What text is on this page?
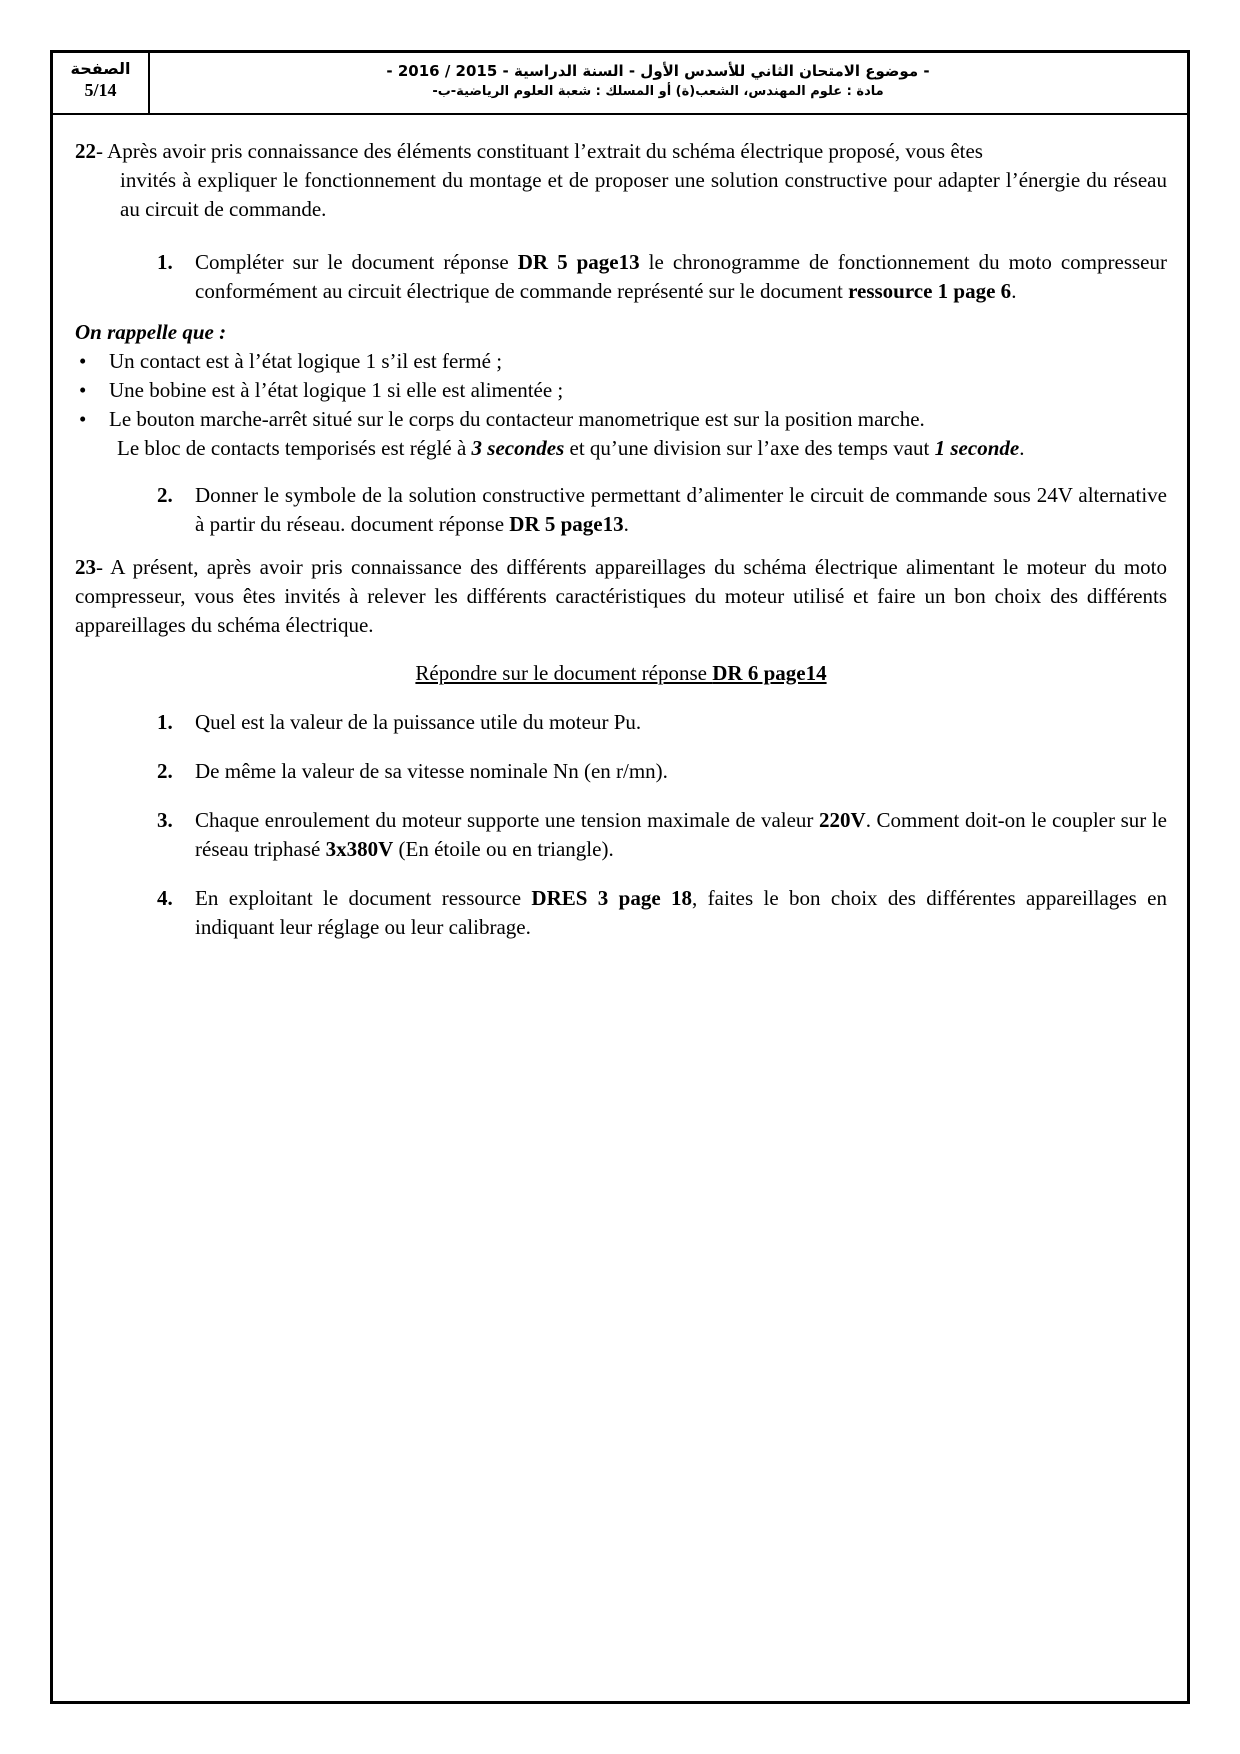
الصفحة
5/14
- موضوع الامتحان الثاني للأسدس الأول - السنة الدراسية - 2015 / 2016 -
مادة : علوم المهندس، الشعب(ة) أو المسلك : شعبة العلوم الرياضية-ب-

22- Après avoir pris connaissance des éléments constituant l’extrait du schéma électrique proposé, vous êtes
invités à expliquer le fonctionnement du montage et de proposer une solution constructive pour adapter l’énergie du réseau au circuit de commande.

1. Compléter sur le document réponse DR 5 page13 le chronogramme de fonctionnement du moto compresseur conformément au circuit électrique de commande représenté sur le document ressource 1 page 6.

On rappelle que :

• Un contact est à l’état logique 1 s’il est fermé ;

• Une bobine est à l’état logique 1 si elle est alimentée ;

• Le bouton marche-arrêt situé sur le corps du contacteur manometrique est sur la position marche.

Le bloc de contacts temporisés est réglé à 3 secondes et qu’une division sur l’axe des temps vaut 1 seconde.

2. Donner le symbole de la solution constructive permettant d’alimenter le circuit de commande sous 24V alternative à partir du réseau. document réponse DR 5 page13.

23- A présent, après avoir pris connaissance des différents appareillages du schéma électrique alimentant le moteur du moto compresseur, vous êtes invités à relever les différents caractéristiques du moteur utilisé et faire un bon choix des différents appareillages du schéma électrique.

Répondre sur le document réponse DR 6 page14

1. Quel est la valeur de la puissance utile du moteur Pu.

2. De même la valeur de sa vitesse nominale Nn (en r/mn).

3. Chaque enroulement du moteur supporte une tension maximale de valeur 220V. Comment doit-on le coupler sur le réseau triphasé 3x380V (En étoile ou en triangle).

4. En exploitant le document ressource DRES 3 page 18, faites le bon choix des différentes appareillages en indiquant leur réglage ou leur calibrage.
